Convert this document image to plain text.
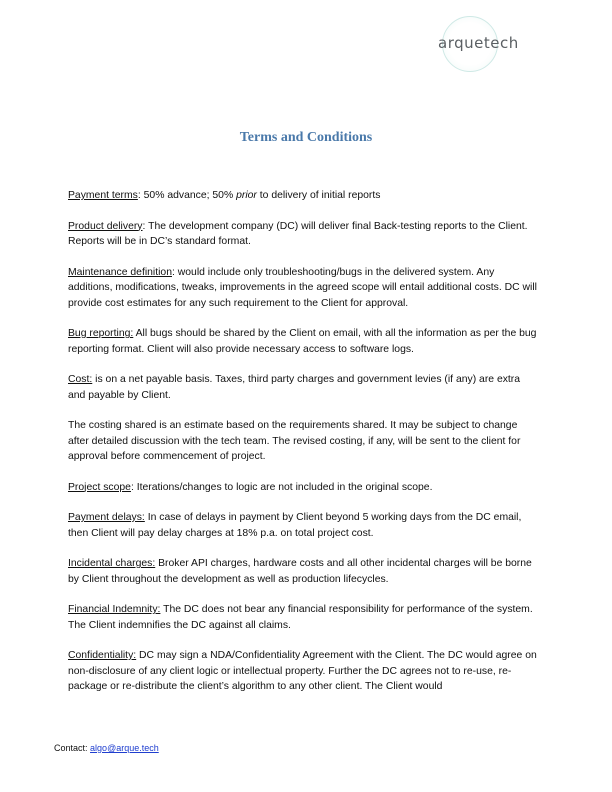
arquetech
Terms and Conditions

Payment terms: 50% advance; 50% prior to delivery of initial reports

Product delivery: The development company (DC) will deliver final Back-testing reports to the Client. Reports will be in DC’s standard format.

Maintenance definition: would include only troubleshooting/bugs in the delivered system. Any additions, modifications, tweaks, improvements in the agreed scope will entail additional costs. DC will provide cost estimates for any such requirement to the Client for approval.

Bug reporting: All bugs should be shared by the Client on email, with all the information as per the bug reporting format. Client will also provide necessary access to software logs.

Cost: is on a net payable basis. Taxes, third party charges and government levies (if any) are extra and payable by Client.

The costing shared is an estimate based on the requirements shared. It may be subject to change after detailed discussion with the tech team. The revised costing, if any, will be sent to the client for approval before commencement of project.

Project scope: Iterations/changes to logic are not included in the original scope.

Payment delays: In case of delays in payment by Client beyond 5 working days from the DC email, then Client will pay delay charges at 18% p.a. on total project cost.

Incidental charges: Broker API charges, hardware costs and all other incidental charges will be borne by Client throughout the development as well as production lifecycles.

Financial Indemnity: The DC does not bear any financial responsibility for performance of the system. The Client indemnifies the DC against all claims.

Confidentiality: DC may sign a NDA/Confidentiality Agreement with the Client. The DC would agree on non-disclosure of any client logic or intellectual property. Further the DC agrees not to re-use, re-package or re-distribute the client’s algorithm to any other client. The Client would

Contact: algo@arque.tech
